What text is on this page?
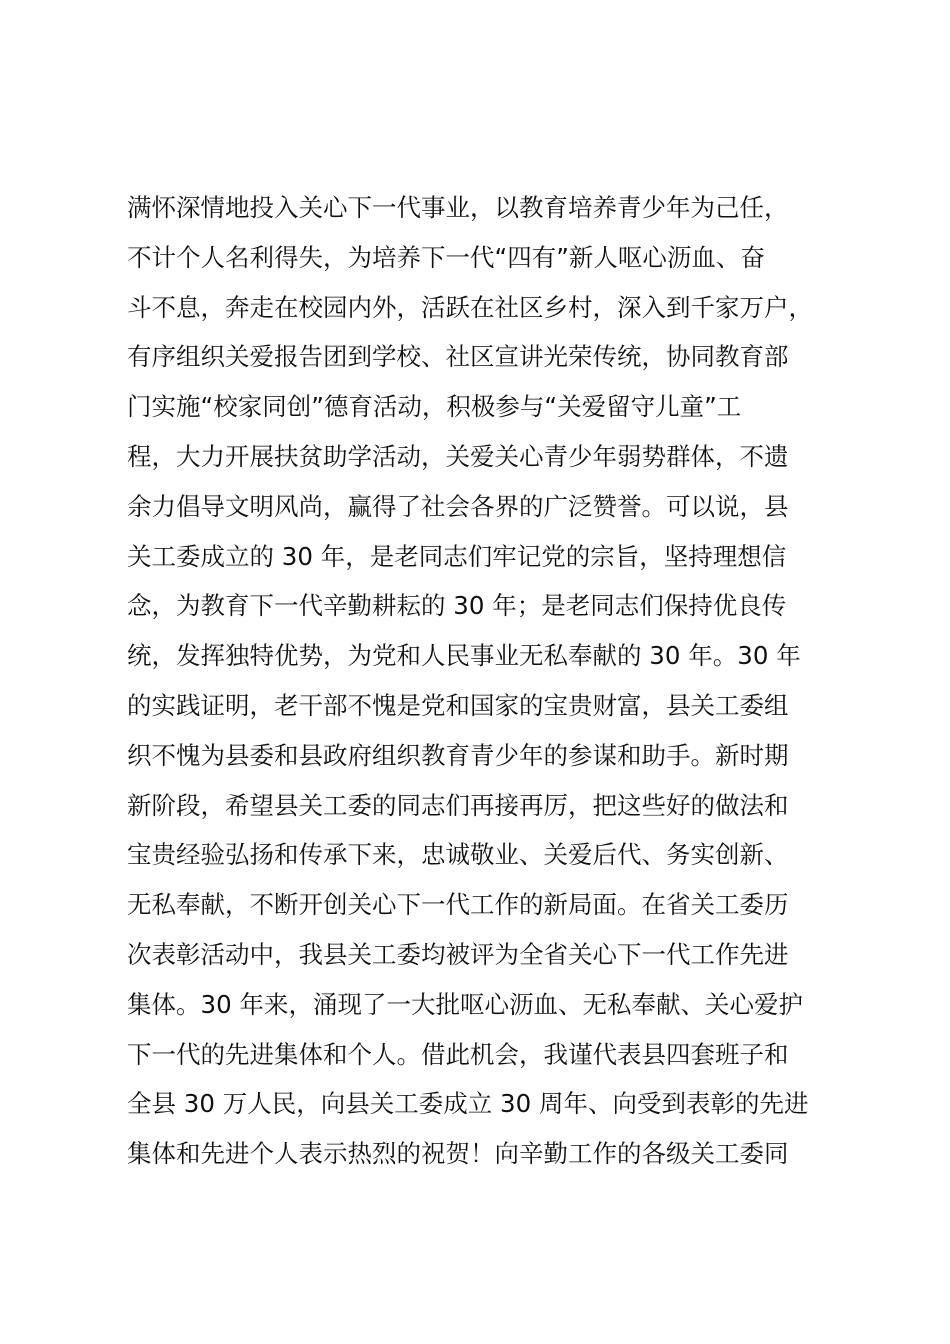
满怀深情地投入关心下一代事业，以教育培养青少年为己任，
不计个人名利得失，为培养下一代“四有”新人呕心沥血、奋
斗不息，奔走在校园内外，活跃在社区乡村，深入到千家万户，
有序组织关爱报告团到学校、社区宣讲光荣传统，协同教育部
门实施“校家同创”德育活动，积极参与“关爱留守儿童”工
程，大力开展扶贫助学活动，关爱关心青少年弱势群体，不遗
余力倡导文明风尚，赢得了社会各界的广泛赞誉。可以说，县
关工委成立的 30 年，是老同志们牢记党的宗旨，坚持理想信
念，为教育下一代辛勤耕耘的 30 年；是老同志们保持优良传
统，发挥独特优势，为党和人民事业无私奉献的 30 年。30 年
的实践证明，老干部不愧是党和国家的宝贵财富，县关工委组
织不愧为县委和县政府组织教育青少年的参谋和助手。新时期
新阶段，希望县关工委的同志们再接再厉，把这些好的做法和
宝贵经验弘扬和传承下来，忠诚敬业、关爱后代、务实创新、
无私奉献，不断开创关心下一代工作的新局面。在省关工委历
次表彰活动中，我县关工委均被评为全省关心下一代工作先进
集体。30 年来，涌现了一大批呕心沥血、无私奉献、关心爱护
下一代的先进集体和个人。借此机会，我谨代表县四套班子和
全县 30 万人民，向县关工委成立 30 周年、向受到表彰的先进
集体和先进个人表示热烈的祝贺！向辛勤工作的各级关工委同
